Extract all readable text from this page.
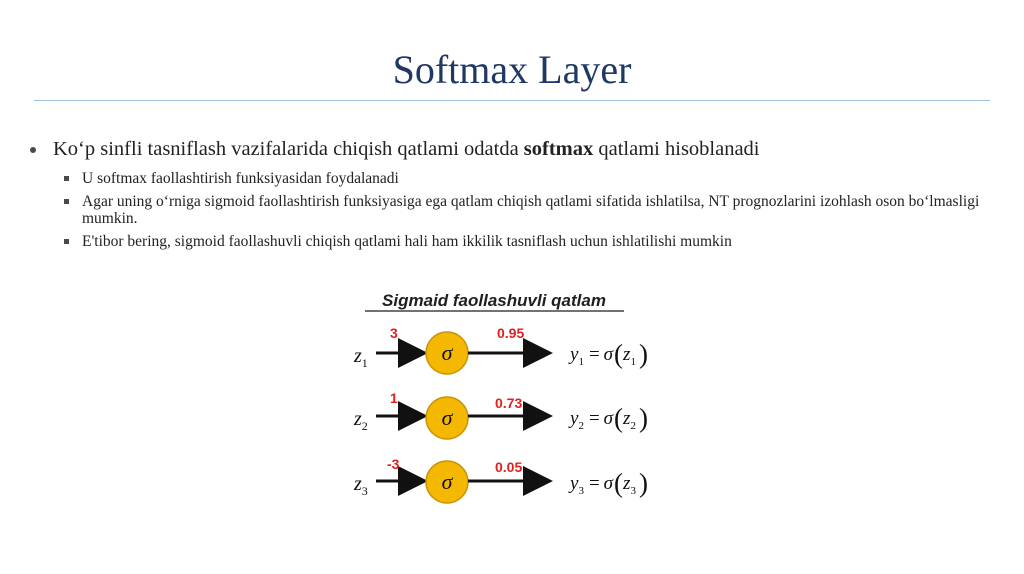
Softmax Layer
Ko‘p sinfli tasniflash vazifalarida chiqish qatlami odatda softmax qatlami hisoblanadi
U softmax faollashtirish funksiyasidan foydalanadi
Agar uning o‘rniga sigmoid faollashtirish funksiyasiga ega qatlam chiqish qatlami sifatida ishlatilsa, NT prognozlarini izohlash oson bo‘lmasligi mumkin.
E'tibor bering, sigmoid faollashuvli chiqish qatlami hali ham ikkilik tasniflash uchun ishlatilishi mumkin
Sigmaid faollashuvli qatlam
$z_1$
3
σ
0.95
$y_1 = \sigma(z_1$ )
$z_2$
1
σ
0.73
$y_2 = \sigma(z_2$ )
$z_3$
-3
σ
0.05
$y_3 = \sigma(z_3$ )
